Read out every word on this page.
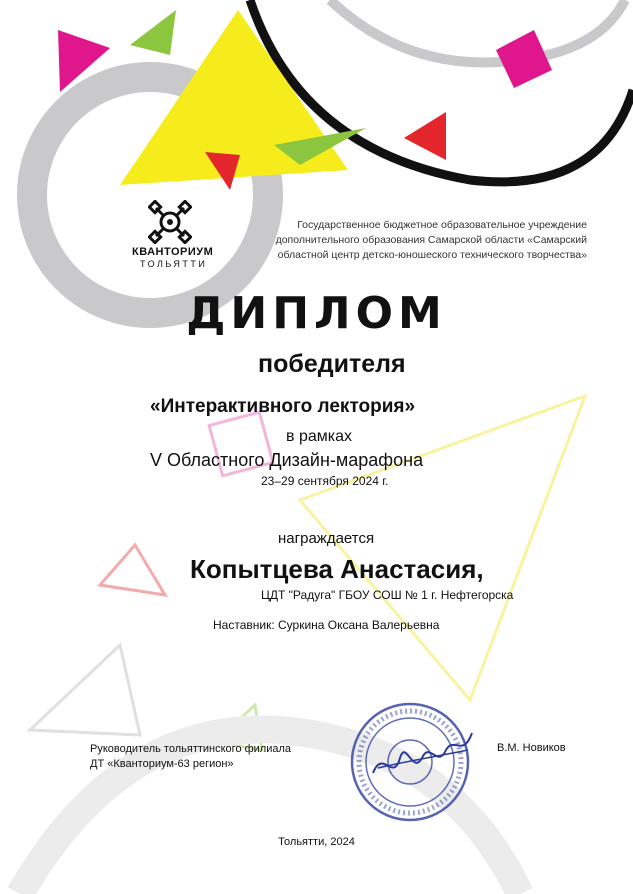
КВАНТОРИУМ
ТОЛЬЯТТИ
Государственное бюджетное образовательное учреждение дополнительного образования Самарской области «Самарский областной центр детско-юношеского технического творчества»
ДИПЛОМ
победителя
«Интерактивного лектория»
в рамках
V Областного Дизайн-марафона
23–29 сентября 2024 г.
награждается
Копытцева Анастасия,
ЦДТ "Радуга" ГБОУ СОШ № 1 г. Нефтегорска
Наставник: Суркина Оксана Валерьевна
Руководитель тольяттинского филиала
ДТ «Кванториум-63 регион»
В.М. Новиков
Тольятти, 2024
